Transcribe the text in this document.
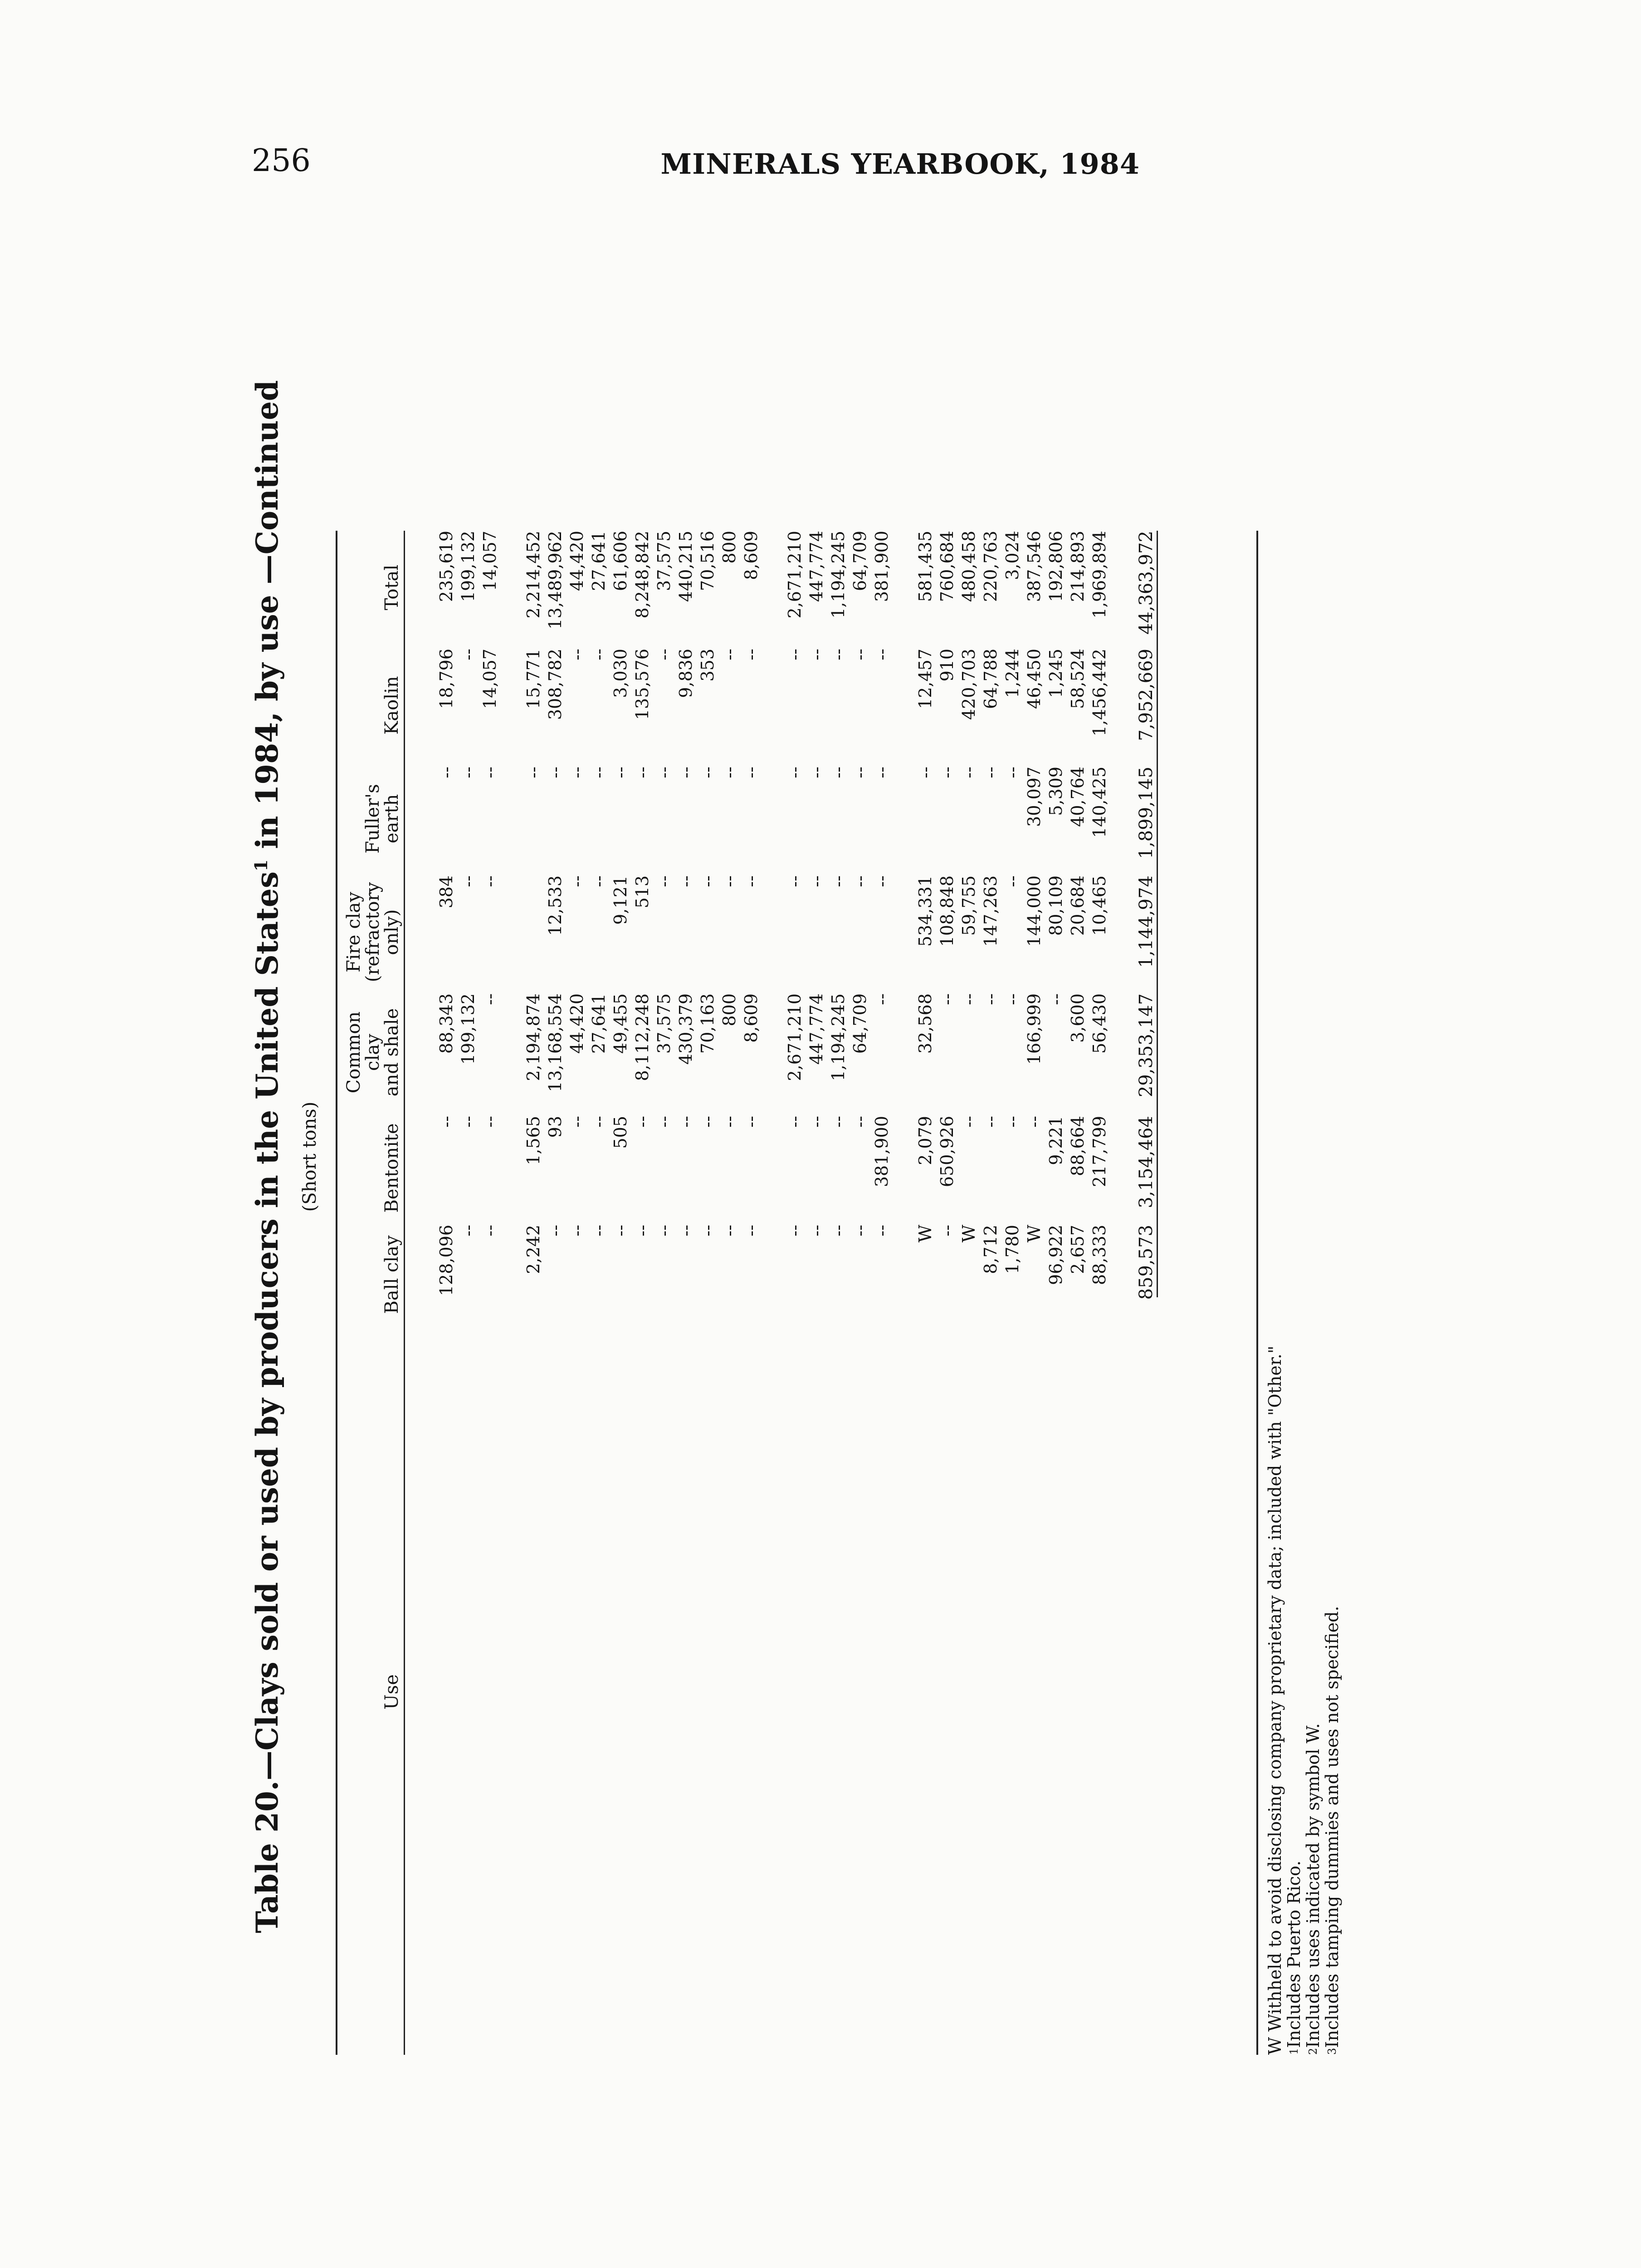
256	MINERALS YEARBOOK, 1984
Table 20.—Clays sold or used by producers in the United States$^1$ in 1984, by use —Continued
(Short tons)
Use
Ball clay
Bentonite
Common
clay
and shale
Fire clay
(refractory
only)
Fuller's
earth
Kaolin
Total
128,096
--
88,343
384
--
18,796
235,619
--
--
199,132
--
--
--
199,132
--
--
--
--
--
14,057
14,057
2,242
1,565
2,194,874
--
15,771
2,214,452
--
93
13,168,554
12,533
--
308,782
13,489,962
--
--
44,420
--
--
--
44,420
--
--
27,641
--
--
--
27,641
--
505
49,455
9,121
--
3,030
61,606
--
--
8,112,248
513
--
135,576
8,248,842
--
--
37,575
--
--
--
37,575
--
--
430,379
--
--
9,836
440,215
--
--
70,163
--
--
353
70,516
--
--
800
--
--
--
800
--
--
8,609
--
--
--
8,609
--
--
2,671,210
--
--
--
2,671,210
--
--
447,774
--
--
--
447,774
--
--
1,194,245
--
--
--
1,194,245
--
--
64,709
--
--
--
64,709
--
381,900
--
--
--
--
381,900
W
2,079
32,568
534,331
--
12,457
581,435
--
650,926
--
108,848
--
910
760,684
W
--
--
59,755
--
420,703
480,458
8,712
--
--
147,263
--
64,788
220,763
1,780
--
--
--
--
1,244
3,024
W
--
166,999
144,000
30,097
46,450
387,546
96,922
9,221
--
80,109
5,309
1,245
192,806
2,657
88,664
3,600
20,684
40,764
58,524
214,893
88,333
217,799
56,430
10,465
140,425
1,456,442
1,969,894
859,573
3,154,464
29,353,147
1,144,974
1,899,145
7,952,669
44,363,972
W Withheld to avoid disclosing company proprietary data; included with "Other." $^1$Includes Puerto Rico.
$^2$Includes uses indicated by symbol W.
$^3$Includes tamping dummies and uses not specified.
